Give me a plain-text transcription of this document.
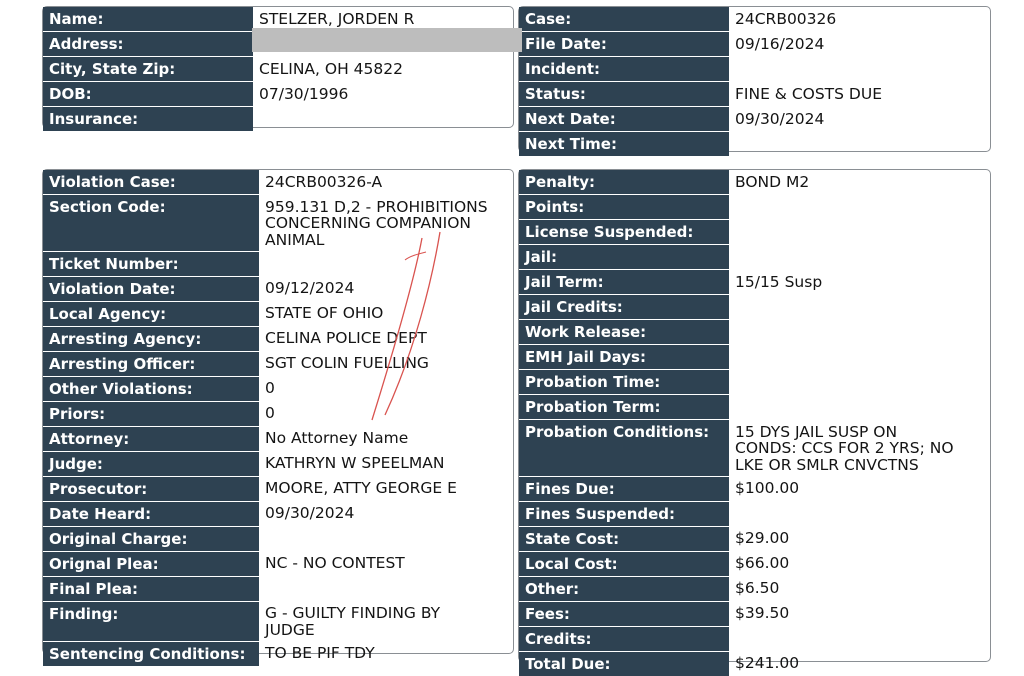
Name:	STELZER, JORDEN R
Address:	
City, State Zip:	CELINA, OH 45822
DOB:	07/30/1996
Insurance:	
Case:	24CRB00326
File Date:	09/16/2024
Incident:	
Status:	FINE & COSTS DUE
Next Date:	09/30/2024
Next Time:	
Violation Case:	24CRB00326-A
Section Code:	959.131 D,2 - PROHIBITIONS
CONCERNING COMPANION
ANIMAL
Ticket Number:	
Violation Date:	09/12/2024
Local Agency:	STATE OF OHIO
Arresting Agency:	CELINA POLICE DEPT
Arresting Officer:	SGT COLIN FUELLING
Other Violations:	0
Priors:	0
Attorney:	No Attorney Name
Judge:	KATHRYN W SPEELMAN
Prosecutor:	MOORE, ATTY GEORGE E
Date Heard:	09/30/2024
Original Charge:	
Orignal Plea:	NC - NO CONTEST
Final Plea:	
Finding:	G - GUILTY FINDING BY
JUDGE
Sentencing Conditions:	TO BE PIF TDY
Penalty:	BOND M2
Points:	
License Suspended:	
Jail:	
Jail Term:	15/15 Susp
Jail Credits:	
Work Release:	
EMH Jail Days:	
Probation Time:	
Probation Term:	
Probation Conditions:	15 DYS JAIL SUSP ON
CONDS: CCS FOR 2 YRS; NO
LKE OR SMLR CNVCTNS
Fines Due:	$100.00
Fines Suspended:	
State Cost:	$29.00
Local Cost:	$66.00
Other:	$6.50
Fees:	$39.50
Credits:	
Total Due:	$241.00
